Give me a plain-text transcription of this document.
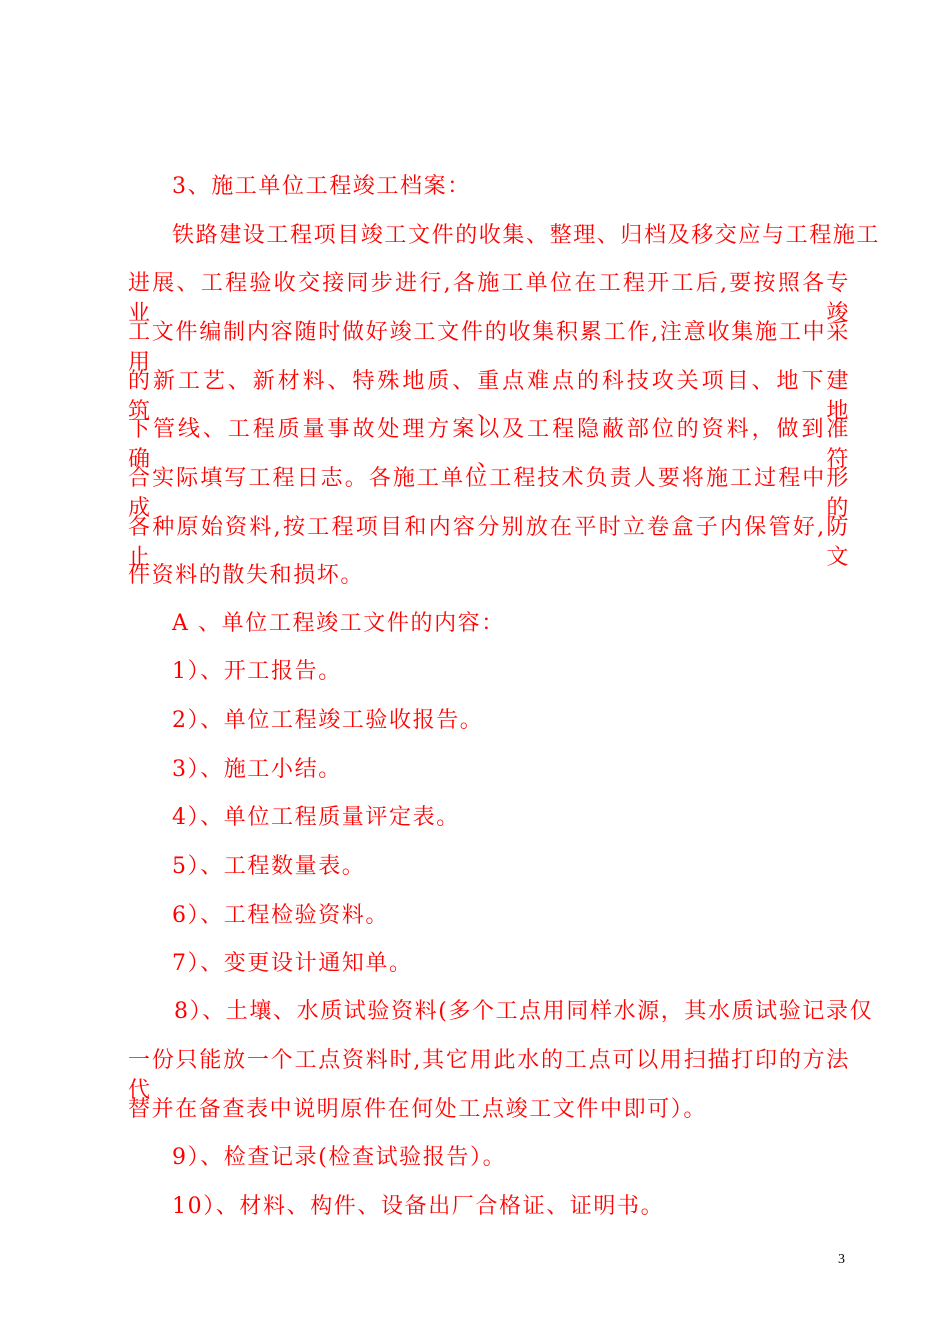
3、施工单位工程竣工档案：

铁路建设工程项目竣工文件的收集、整理、归档及移交应与工程施工

进展、工程验收交接同步进行,各施工单位在工程开工后,要按照各专业竣

工文件编制内容随时做好竣工文件的收集积累工作,注意收集施工中采用

的新工艺、新材料、特殊地质、重点难点的科技攻关项目、地下建筑、地

下管线、工程质量事故处理方案以及工程隐蔽部位的资料，做到准确、符

合实际填写工程日志。各施工单位工程技术负责人要将施工过程中形成的

各种原始资料,按工程项目和内容分别放在平时立卷盒子内保管好,防止文

件资料的散失和损坏。

A 、单位工程竣工文件的内容：

1）、开工报告。

2）、单位工程竣工验收报告。

3）、施工小结。

4）、单位工程质量评定表。

5）、工程数量表。

6）、工程检验资料。

7）、变更设计通知单。

8）、土壤、水质试验资料(多个工点用同样水源，其水质试验记录仅

一份只能放一个工点资料时,其它用此水的工点可以用扫描打印的方法代

替并在备查表中说明原件在何处工点竣工文件中即可）。

9）、检查记录(检查试验报告）。

10）、材料、构件、设备出厂合格证、证明书。

3
